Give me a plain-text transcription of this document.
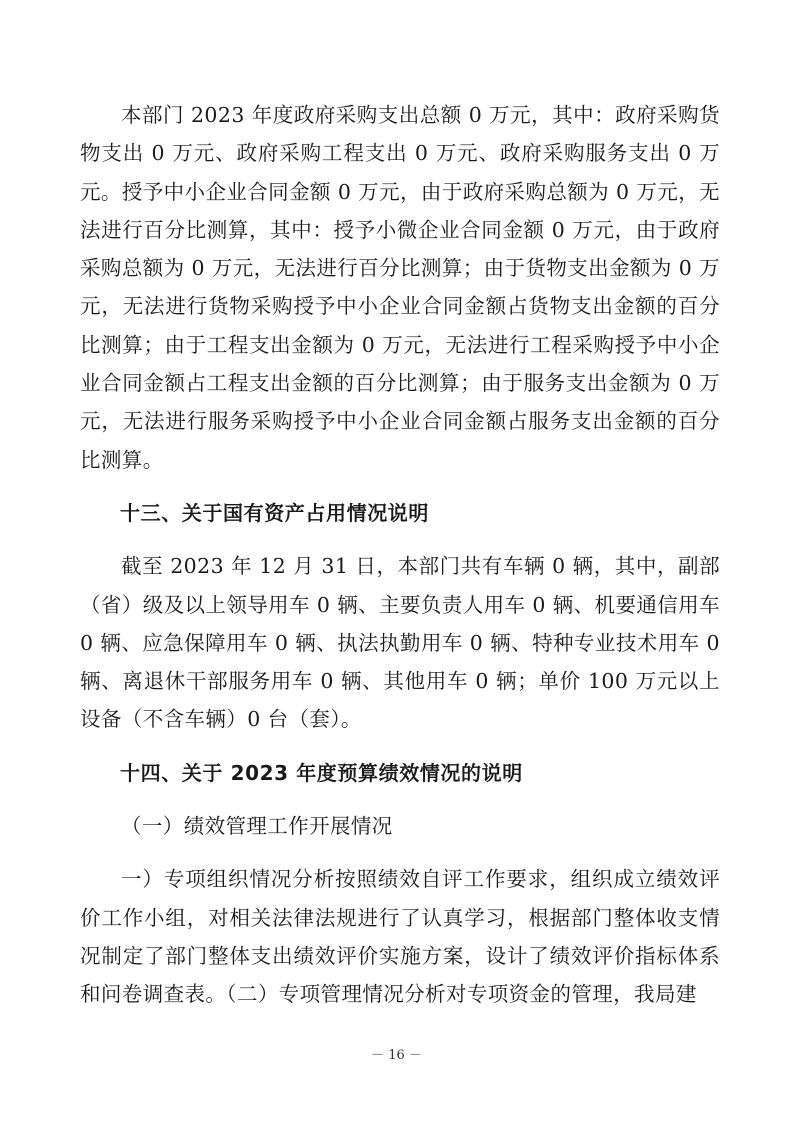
本部门 2023 年度政府采购支出总额 0 万元，其中：政府采购货物支出 0 万元、政府采购工程支出 0 万元、政府采购服务支出 0 万元。授予中小企业合同金额 0 万元，由于政府采购总额为 0 万元，无法进行百分比测算，其中：授予小微企业合同金额 0 万元，由于政府采购总额为 0 万元，无法进行百分比测算；由于货物支出金额为 0 万元，无法进行货物采购授予中小企业合同金额占货物支出金额的百分比测算；由于工程支出金额为 0 万元，无法进行工程采购授予中小企业合同金额占工程支出金额的百分比测算；由于服务支出金额为 0 万元，无法进行服务采购授予中小企业合同金额占服务支出金额的百分比测算。

十三、关于国有资产占用情况说明

截至 2023 年 12 月 31 日，本部门共有车辆 0 辆，其中，副部（省）级及以上领导用车 0 辆、主要负责人用车 0 辆、机要通信用车 0 辆、应急保障用车 0 辆、执法执勤用车 0 辆、特种专业技术用车 0 辆、离退休干部服务用车 0 辆、其他用车 0 辆；单价 100 万元以上设备（不含车辆）0 台（套）。

十四、关于 2023 年度预算绩效情况的说明

（一）绩效管理工作开展情况

一）专项组织情况分析按照绩效自评工作要求，组织成立绩效评价工作小组，对相关法律法规进行了认真学习，根据部门整体收支情况制定了部门整体支出绩效评价实施方案，设计了绩效评价指标体系和问卷调查表。（二）专项管理情况分析对专项资金的管理，我局建

－ 16 －
